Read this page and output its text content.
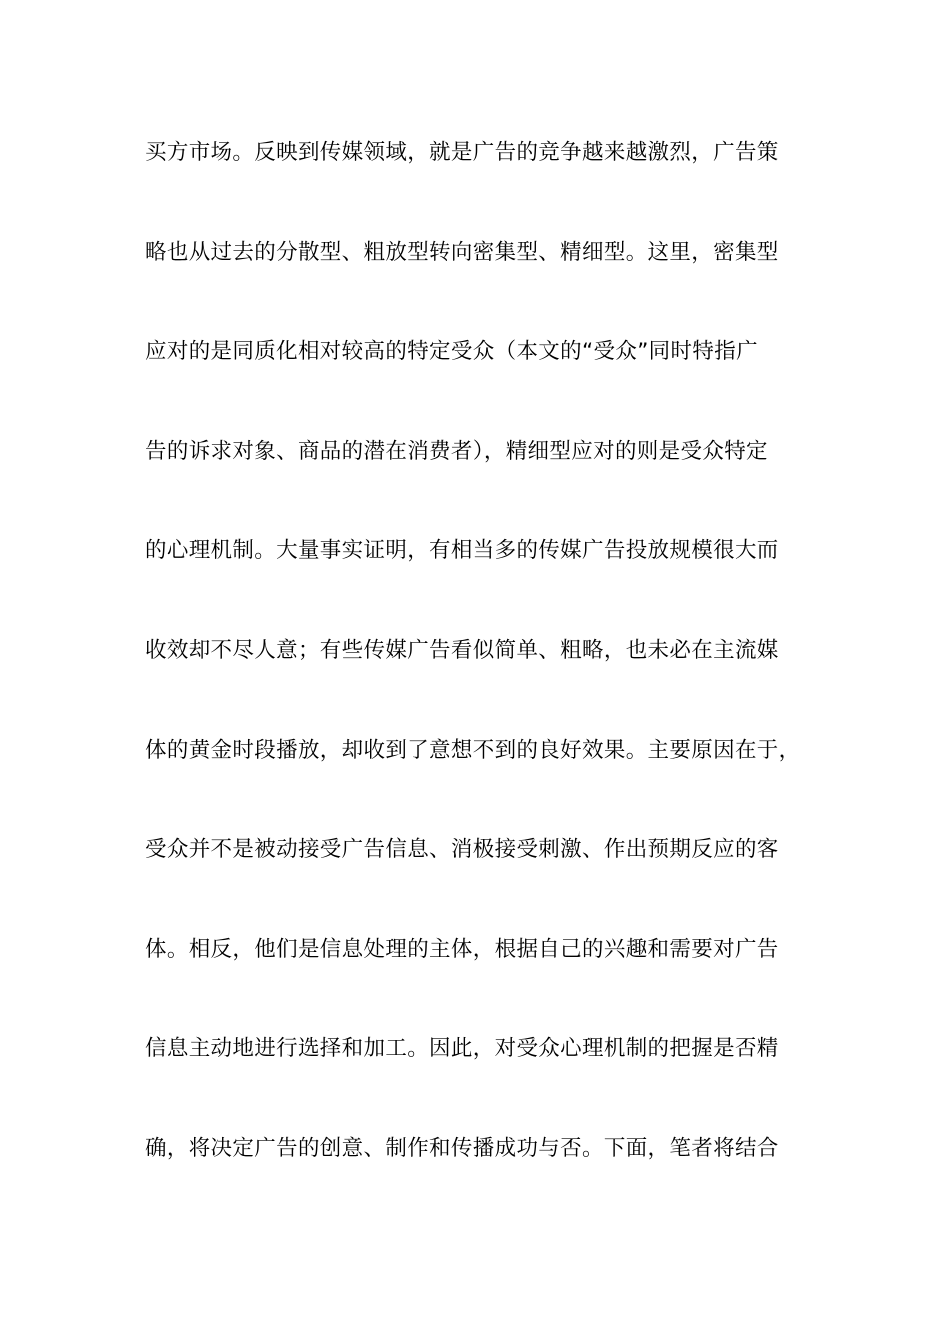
买方市场。反映到传媒领域，就是广告的竞争越来越激烈，广告策
略也从过去的分散型、粗放型转向密集型、精细型。这里，密集型
应对的是同质化相对较高的特定受众（本文的“受众”同时特指广
告的诉求对象、商品的潜在消费者），精细型应对的则是受众特定
的心理机制。大量事实证明，有相当多的传媒广告投放规模很大而
收效却不尽人意；有些传媒广告看似简单、粗略，也未必在主流媒
体的黄金时段播放，却收到了意想不到的良好效果。主要原因在于，
受众并不是被动接受广告信息、消极接受刺激、作出预期反应的客
体。相反，他们是信息处理的主体，根据自己的兴趣和需要对广告
信息主动地进行选择和加工。因此，对受众心理机制的把握是否精
确，将决定广告的创意、制作和传播成功与否。下面，笔者将结合
